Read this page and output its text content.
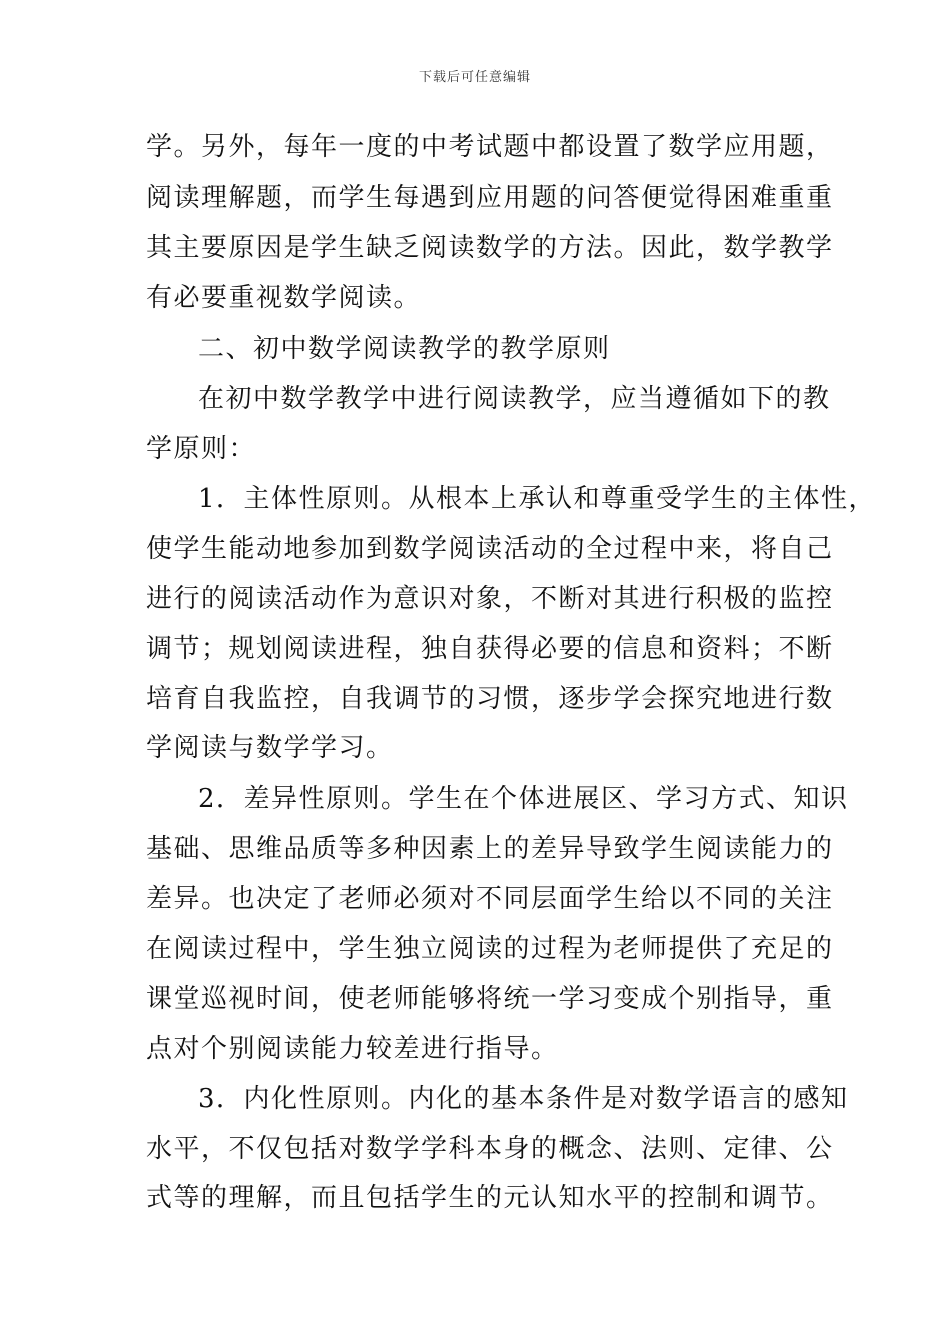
下载后可任意编辑
学。另外，每年一度的中考试题中都设置了数学应用题，
阅读理解题，而学生每遇到应用题的问答便觉得困难重重
其主要原因是学生缺乏阅读数学的方法。因此，数学教学
有必要重视数学阅读。
二、初中数学阅读教学的教学原则
在初中数学教学中进行阅读教学，应当遵循如下的教
学原则：
1．主体性原则。从根本上承认和尊重受学生的主体性，
使学生能动地参加到数学阅读活动的全过程中来，将自己
进行的阅读活动作为意识对象，不断对其进行积极的监控
调节；规划阅读进程，独自获得必要的信息和资料；不断
培育自我监控，自我调节的习惯，逐步学会探究地进行数
学阅读与数学学习。
2．差异性原则。学生在个体进展区、学习方式、知识
基础、思维品质等多种因素上的差异导致学生阅读能力的
差异。也决定了老师必须对不同层面学生给以不同的关注
在阅读过程中，学生独立阅读的过程为老师提供了充足的
课堂巡视时间，使老师能够将统一学习变成个别指导，重
点对个别阅读能力较差进行指导。
3．内化性原则。内化的基本条件是对数学语言的感知
水平，不仅包括对数学学科本身的概念、法则、定律、公
式等的理解，而且包括学生的元认知水平的控制和调节。
